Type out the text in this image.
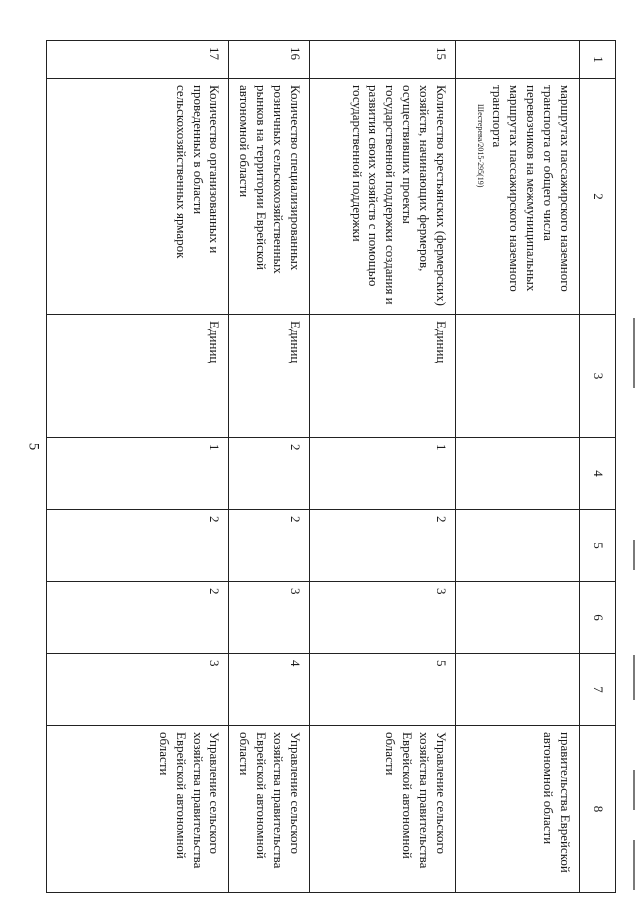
5
Шестерева/2015-295(19)
1	2	3	4	5	6	7	8
	маршрутах пассажирского наземного транспорта от общего числа перевозчиков на межмуниципальных маршрутах пассажирского наземного транспорта						правительства Еврейской автономной области
15	Количество крестьянских (фермерских) хозяйств, начинающих фермеров, осуществивших проекты государственной поддержки создания и развития своих хозяйств с помощью государственной поддержки	Единиц	1	2	3	5	Управление сельского хозяйства правительства Еврейской автономной области
16	Количество специализированных розничных сельскохозяйственных рынков на территории Еврейской автономной области	Единиц	2	2	3	4	Управление сельского хозяйства правительства Еврейской автономной области
17	Количество организованных и проведенных в области сельскохозяйственных ярмарок	Единиц	1	2	2	3	Управление сельского хозяйства правительства Еврейской автономной области
